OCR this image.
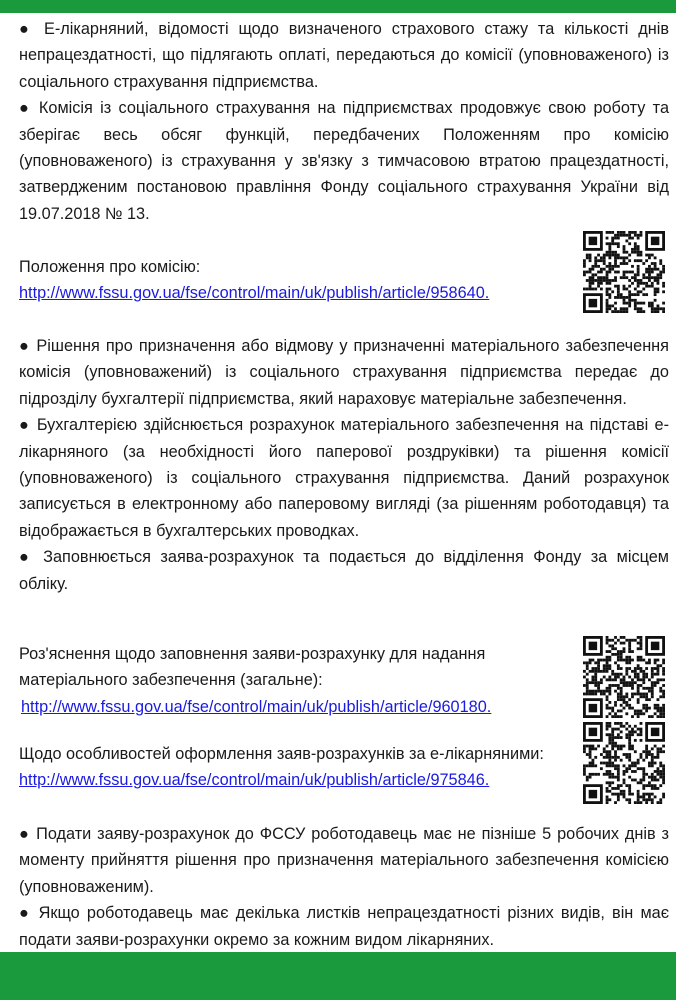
● Е-лікарняний, відомості щодо визначеного страхового стажу та кількості днів непрацездатності, що підлягають оплаті, передаються до комісії (уповноваженого) із соціального страхування підприємства.

● Комісія із соціального страхування на підприємствах продовжує свою роботу та зберігає весь обсяг функцій, передбачених Положенням про комісію (уповноваженого) із страхування у зв'язку з тимчасовою втратою працездатності, затвердженим постановою правління Фонду соціального страхування України від 19.07.2018 № 13.

Положення про комісію:
http://www.fssu.gov.ua/fse/control/main/uk/publish/article/958640.

● Рішення про призначення або відмову у призначенні матеріального забезпечення комісія (уповноважений) із соціального страхування підприємства передає до підрозділу бухгалтерії підприємства, який нараховує матеріальне забезпечення.

● Бухгалтерією здійснюється розрахунок матеріального забезпечення на підставі е-лікарняного (за необхідності його паперової роздруківки) та рішення комісії (уповноваженого) із соціального страхування підприємства. Даний розрахунок записується в електронному або паперовому вигляді (за рішенням роботодавця) та відображається в бухгалтерських проводках.

● Заповнюється заява-розрахунок та подається до відділення Фонду за місцем обліку.

Роз'яснення щодо заповнення заяви-розрахунку для надання
матеріального забезпечення (загальне):
http://www.fssu.gov.ua/fse/control/main/uk/publish/article/960180.
Щодо особливостей оформлення заяв-розрахунків за е-лікарняними:
http://www.fssu.gov.ua/fse/control/main/uk/publish/article/975846.

● Подати заяву-розрахунок до ФССУ роботодавець має не пізніше 5 робочих днів з моменту прийняття рішення про призначення матеріального забезпечення комісією (уповноваженим).

● Якщо роботодавець має декілька листків непрацездатності різних видів, він має подати заяви-розрахунки окремо за кожним видом лікарняних.
